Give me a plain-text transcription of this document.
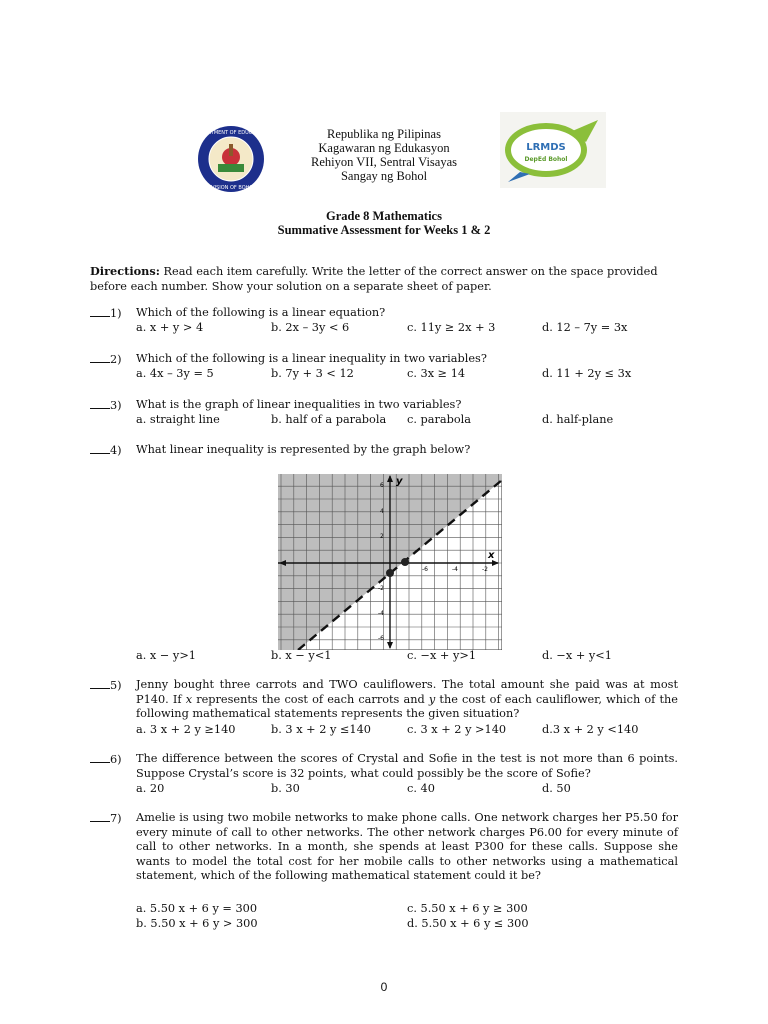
DEPARTMENT OF EDUCATION
DIVISION OF BOHOL
Republika ng Pilipinas
Kagawaran ng Edukasyon
Rehiyon VII, Sentral Visayas
Sangay ng Bohol
LRMDS
DepEd Bohol
Grade 8 Mathematics
Summative Assessment for Weeks 1 & 2
Directions: Read each item carefully. Write the letter of the correct answer on the space provided before each number. Show your solution on a separate sheet of paper.
1)	Which of the following is a linear equation?
a. x + y > 4	b. 2x – 3y < 6	c. 11y ≥ 2x + 3	d. 12 – 7y = 3x
2)	Which of the following is a linear inequality in two variables?
a. 4x – 3y = 5	b. 7y + 3 < 12	c. 3x ≥ 14	d. 11 + 2y ≤ 3x
3)	What is the graph of linear inequalities in two variables?
a. straight line	b. half of a parabola c. parabola	d. half-plane
4)	What linear inequality is represented by the graph below?
y
x
6
4
2
-2
-4
-6
-6	-4	-2
a. x − y>1	b. x − y<1	c. −x + y>1	d. −x + y<1
5)	Jenny bought three carrots and TWO cauliflowers. The total amount she paid was at most P140. If x represents the cost of each carrots and y the cost of each cauliflower, which of the following mathematical statements represents the given situation?
a. 3 x + 2 y ≥140	b. 3 x + 2 y ≤140	c. 3 x + 2 y >140	d.3 x + 2 y <140
6)	The difference between the scores of Crystal and Sofie in the test is not more than 6 points. Suppose Crystal’s score is 32 points, what could possibly be the score of Sofie?
a. 20	b. 30	c. 40	d. 50
7)	Amelie is using two mobile networks to make phone calls. One network charges her P5.50 for every minute of call to other networks. The other network charges P6.00 for every minute of call to other networks. In a month, she spends at least P300 for these calls. Suppose she wants to model the total cost for her mobile calls to other networks using a mathematical statement, which of the following mathematical statement could it be?
a. 5.50 x + 6 y = 300
b. 5.50 x + 6 y > 300
c. 5.50 x + 6 y ≥ 300
d. 5.50 x + 6 y ≤ 300
0
